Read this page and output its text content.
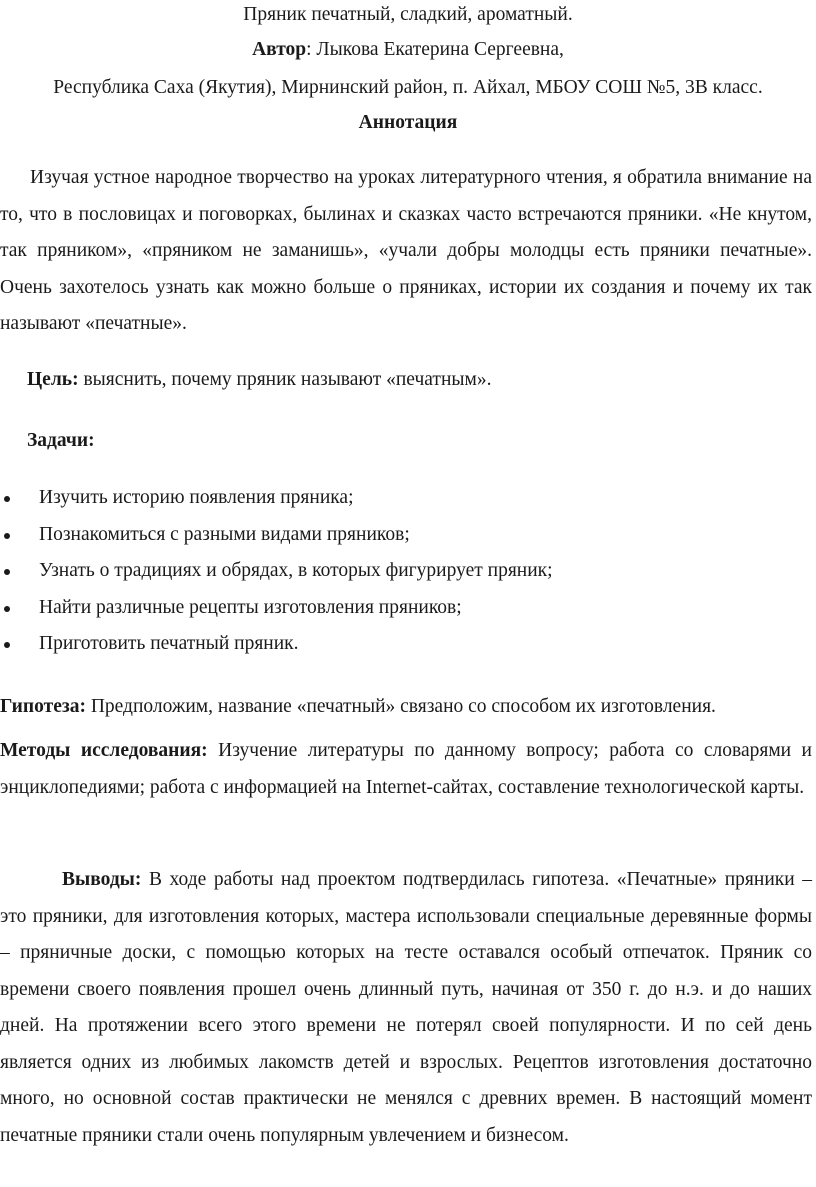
Пряник печатный, сладкий, ароматный.
Автор: Лыкова Екатерина Сергеевна,
Республика Саха (Якутия), Мирнинский район, п. Айхал, МБОУ СОШ №5, 3В класс.
Аннотация
Изучая устное народное творчество на уроках литературного чтения, я обратила внимание на то, что в пословицах и поговорках, былинах и сказках часто встречаются пряники. «Не кнутом, так пряником», «пряником не заманишь», «учали добры молодцы есть пряники печатные». Очень захотелось узнать как можно больше о пряниках, истории их создания и почему их так называют «печатные».
Цель: выяснить, почему пряник называют «печатным».
Задачи:
Изучить историю появления пряника;
Познакомиться с разными видами пряников;
Узнать о традициях и обрядах, в которых фигурирует пряник;
Найти различные рецепты изготовления пряников;
Приготовить печатный пряник.
Гипотеза: Предположим, название «печатный» связано со способом их изготовления.
Методы исследования: Изучение литературы по данному вопросу; работа со словарями и энциклопедиями; работа с информацией на Internet-сайтах, составление технологической карты.
Выводы: В ходе работы над проектом подтвердилась гипотеза. «Печатные» пряники – это пряники, для изготовления которых, мастера использовали специальные деревянные формы – пряничные доски, с помощью которых на тесте оставался особый отпечаток. Пряник со времени своего появления прошел очень длинный путь, начиная от 350 г. до н.э. и до наших дней. На протяжении всего этого времени не потерял своей популярности. И по сей день является одних из любимых лакомств детей и взрослых. Рецептов изготовления достаточно много, но основной состав практически не менялся с древних времен. В настоящий момент печатные пряники стали очень популярным увлечением и бизнесом.
